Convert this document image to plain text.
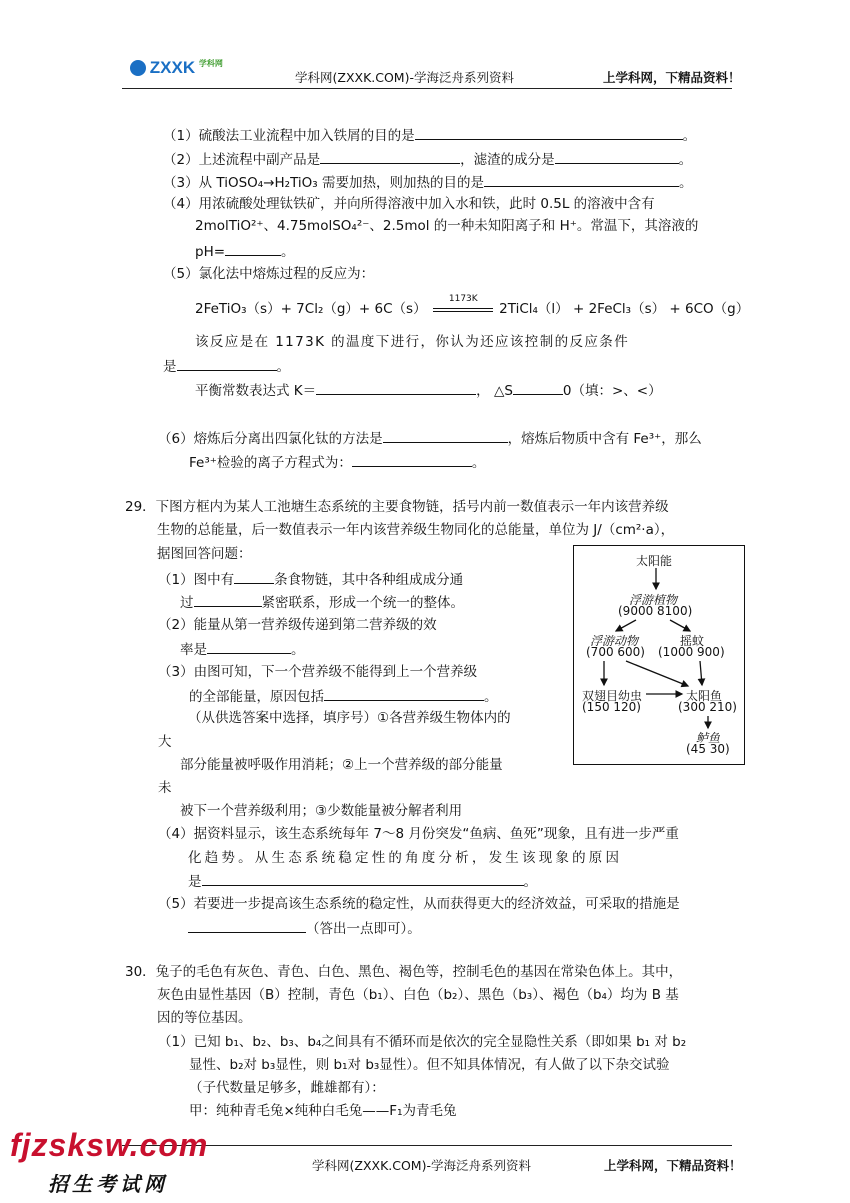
ZXXK $^{学科网}$
学科网(ZXXK.COM)-学海泛舟系列资料	上学科网，下精品资料！
（1）硫酸法工业流程中加入铁屑的目的是	。
（2）上述流程中副产品是	，滤渣的成分是	。
（3）从 TiOSO₄→H₂TiO₃ 需要加热，则加热的目的是	。
（4）用浓硫酸处理钛铁矿，并向所得溶液中加入水和铁，此时 0.5L 的溶液中含有
2molTiO²⁺、4.75molSO₄²⁻、2.5mol 的一种未知阳离子和 H⁺。常温下，其溶液的
pH=	。
（5）氯化法中熔炼过程的反应为：
2FeTiO₃（s）+ 7Cl₂（g）+ 6C（s）
1173K
2TiCl₄（l） + 2FeCl₃（s） + 6CO（g）
该反应是在 1173K 的温度下进行，你认为还应该控制的反应条件
是	。
平衡常数表达式 K＝	， △S	0（填：>、<）
（6）熔炼后分离出四氯化钛的方法是	，熔炼后物质中含有 Fe³⁺，那么
Fe³⁺检验的离子方程式为：	。
29．下图方框内为某人工池塘生态系统的主要食物链，括号内前一数值表示一年内该营养级
生物的总能量，后一数值表示一年内该营养级生物同化的总能量，单位为 J/（cm²·a），
据图回答问题：
（1）图中有	条食物链，其中各种组成成分通
过	紧密联系，形成一个统一的整体。
（2）能量从第一营养级传递到第二营养级的效
率是	。
（3）由图可知，下一个营养级不能得到上一个营养级
的全部能量，原因包括	。
（从供选答案中选择，填序号）①各营养级生物体内的
大
部分能量被呼吸作用消耗；②上一个营养级的部分能量
未
被下一个营养级利用；③少数能量被分解者利用
（4）据资料显示，该生态系统每年 7～8 月份突发“鱼病、鱼死”现象，且有进一步严重
化趋势。从生态系统稳定性的角度分析，发生该现象的原因
是	。
（5）若要进一步提高该生态系统的稳定性，从而获得更大的经济效益，可采取的措施是
（答出一点即可）。
太阳能
浮游植物
(9000 8100)
浮游动物
(700 600)
摇蚊
(1000 900)
双翅目幼虫
(150 120)
太阳鱼
(300 210)
鲈鱼
(45 30)
30．兔子的毛色有灰色、青色、白色、黑色、褐色等，控制毛色的基因在常染色体上。其中，
灰色由显性基因（B）控制，青色（b₁）、白色（b₂）、黑色（b₃）、褐色（b₄）均为 B 基
因的等位基因。
（1）已知 b₁、b₂、b₃、b₄之间具有不循环而是依次的完全显隐性关系（即如果 b₁ 对 b₂
显性、b₂对 b₃显性，则 b₁对 b₃显性）。但不知具体情况，有人做了以下杂交试验
（子代数量足够多，雌雄都有）：
甲：纯种青毛兔×纯种白毛兔——F₁为青毛兔
学科网(ZXXK.COM)-学海泛舟系列资料	上学科网，下精品资料！
fjzsksw.com
招生考试网
